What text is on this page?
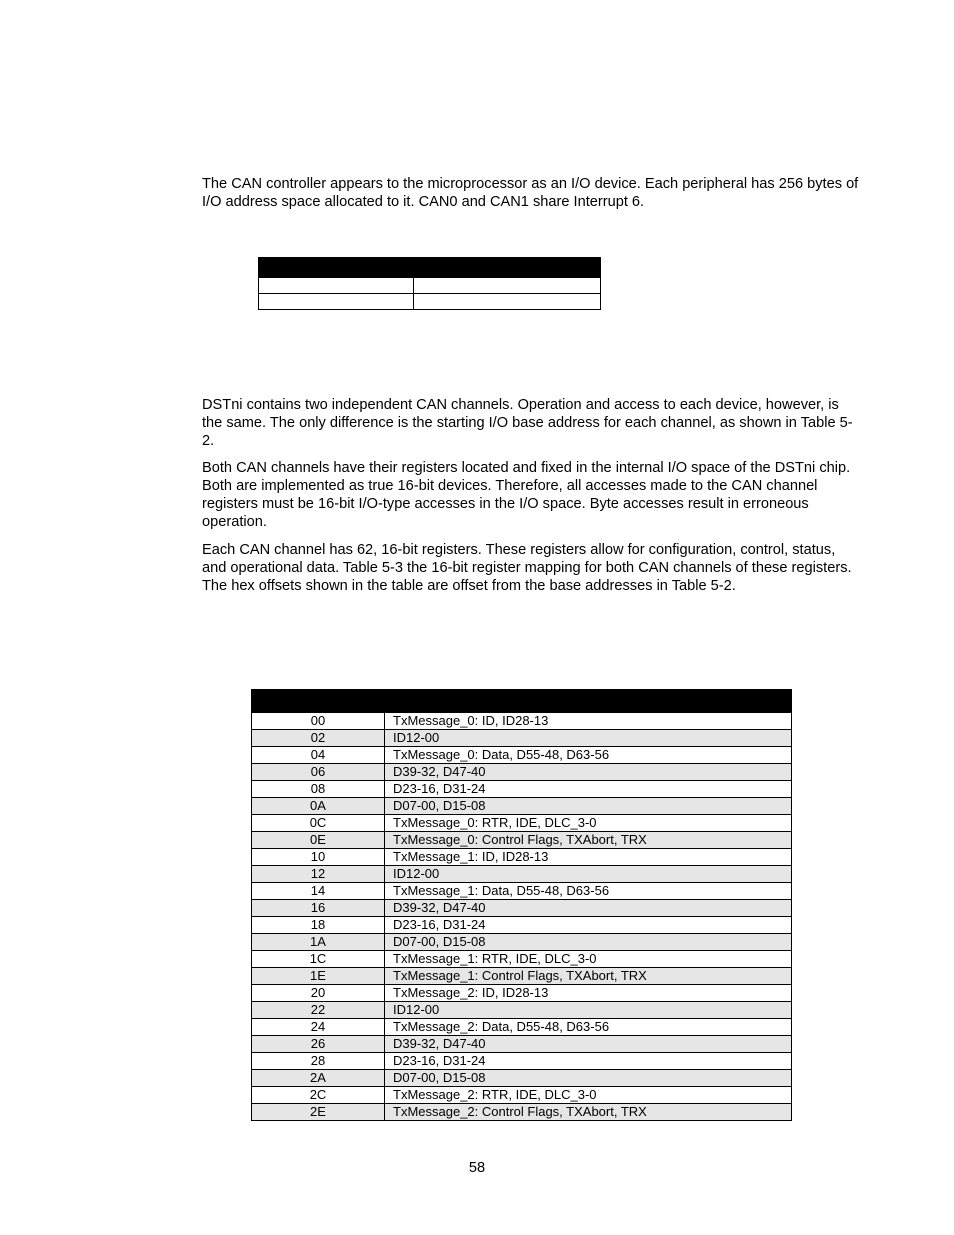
The CAN controller appears to the microprocessor as an I/O device. Each peripheral has 256 bytes of I/O address space allocated to it. CAN0 and CAN1 share Interrupt 6.

DSTni contains two independent CAN channels. Operation and access to each device, however, is the same. The only difference is the starting I/O base address for each channel, as shown in Table 5-2.

Both CAN channels have their registers located and fixed in the internal I/O space of the DSTni chip. Both are implemented as true 16-bit devices. Therefore, all accesses made to the CAN channel registers must be 16-bit I/O-type accesses in the I/O space. Byte accesses result in erroneous operation.

Each CAN channel has 62, 16-bit registers. These registers allow for configuration, control, status, and operational data. Table 5-3 the 16-bit register mapping for both CAN channels of these registers. The hex offsets shown in the table are offset from the base addresses in Table 5-2.

00	TxMessage_0: ID, ID28-13
02	ID12-00
04	TxMessage_0: Data, D55-48, D63-56
06	D39-32, D47-40
08	D23-16, D31-24
0A	D07-00, D15-08
0C	TxMessage_0: RTR, IDE, DLC_3-0
0E	TxMessage_0: Control Flags, TXAbort, TRX
10	TxMessage_1: ID, ID28-13
12	ID12-00
14	TxMessage_1: Data, D55-48, D63-56
16	D39-32, D47-40
18	D23-16, D31-24
1A	D07-00, D15-08
1C	TxMessage_1: RTR, IDE, DLC_3-0
1E	TxMessage_1: Control Flags, TXAbort, TRX
20	TxMessage_2: ID, ID28-13
22	ID12-00
24	TxMessage_2: Data, D55-48, D63-56
26	D39-32, D47-40
28	D23-16, D31-24
2A	D07-00, D15-08
2C	TxMessage_2: RTR, IDE, DLC_3-0
2E	TxMessage_2: Control Flags, TXAbort, TRX
58
